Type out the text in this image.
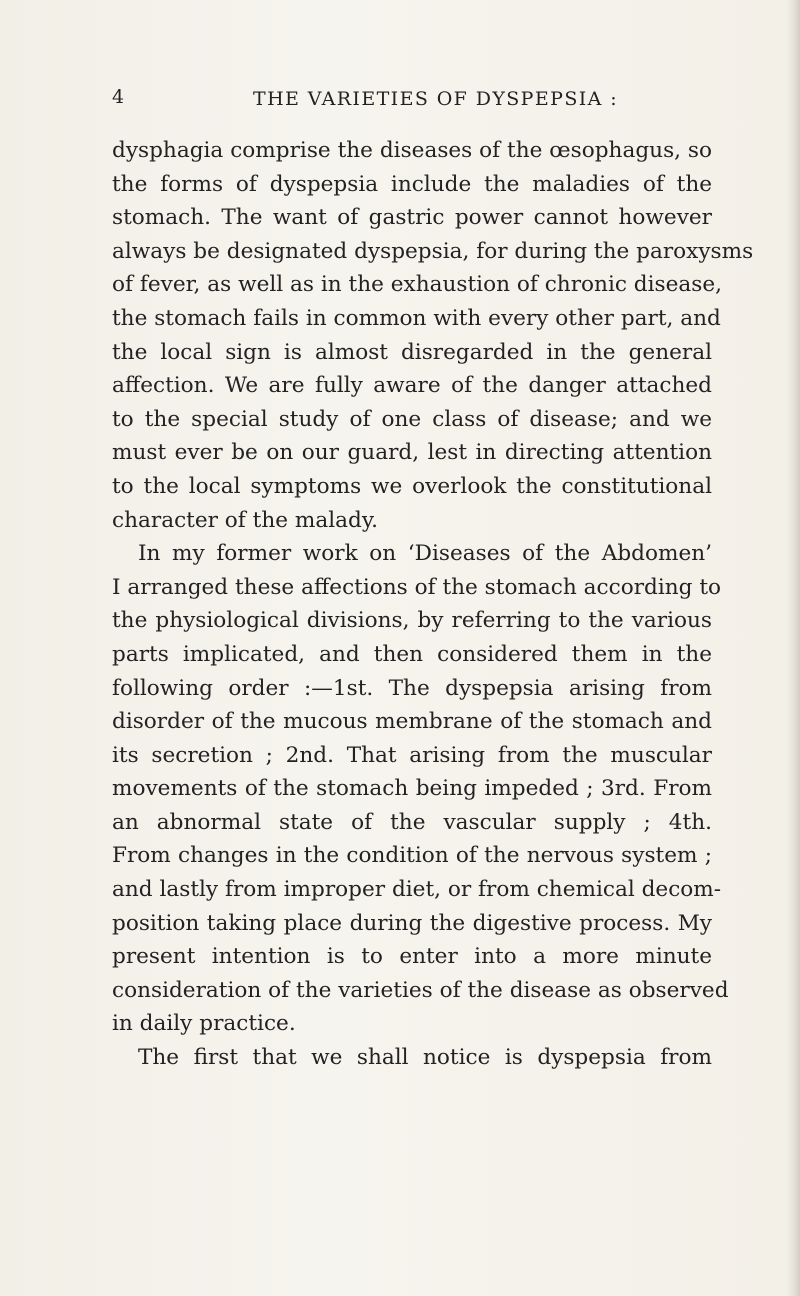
4	THE VARIETIES OF DYSPEPSIA :
dysphagia comprise the diseases of the œsophagus, so
the forms of dyspepsia include the maladies of the
stomach. The want of gastric power cannot however
always be designated dyspepsia, for during the paroxysms
of fever, as well as in the exhaustion of chronic disease,
the stomach fails in common with every other part, and
the local sign is almost disregarded in the general
affection. We are fully aware of the danger attached
to the special study of one class of disease; and we
must ever be on our guard, lest in directing attention
to the local symptoms we overlook the constitutional
character of the malady.
In my former work on ‘Diseases of the Abdomen’
I arranged these affections of the stomach according to
the physiological divisions, by referring to the various
parts implicated, and then considered them in the
following order :—1st. The dyspepsia arising from
disorder of the mucous membrane of the stomach and
its secretion ; 2nd. That arising from the muscular
movements of the stomach being impeded ; 3rd. From
an abnormal state of the vascular supply ; 4th.
From changes in the condition of the nervous system ;
and lastly from improper diet, or from chemical decom-
position taking place during the digestive process. My
present intention is to enter into a more minute
consideration of the varieties of the disease as observed
in daily practice.
The first that we shall notice is dyspepsia from
